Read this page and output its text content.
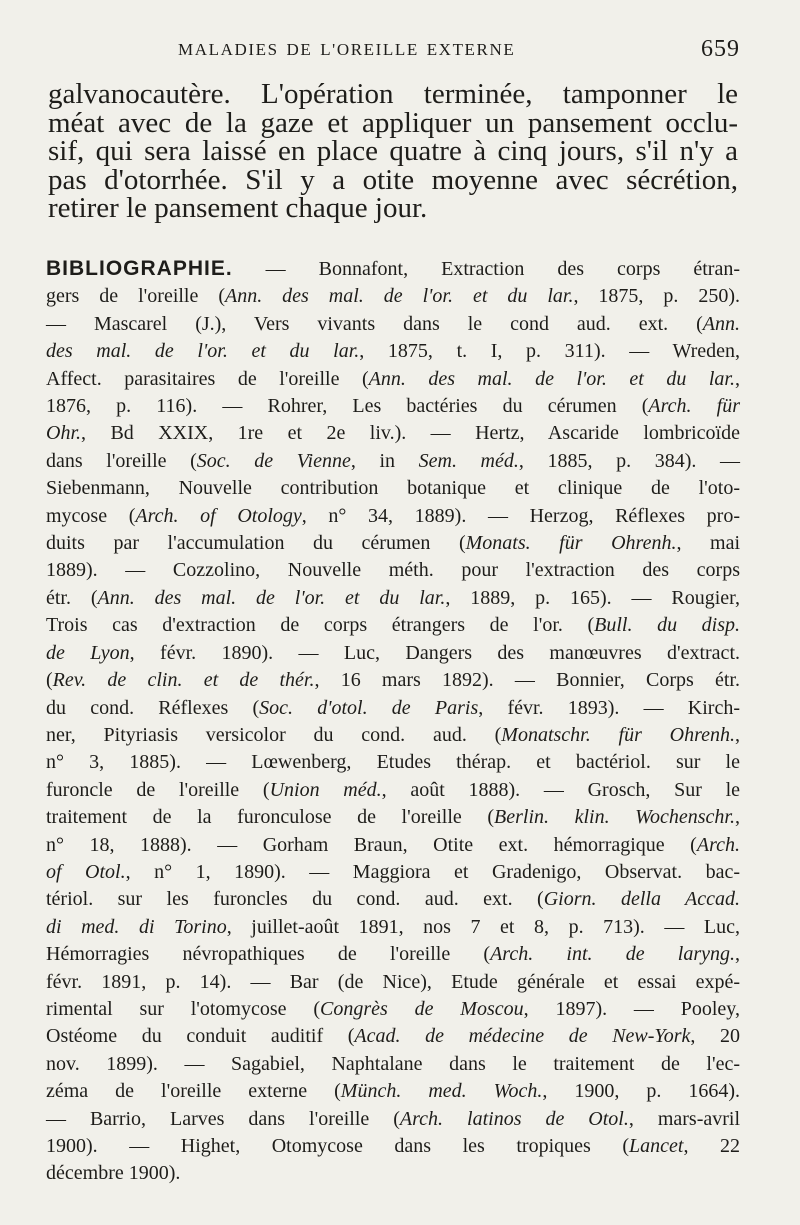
MALADIES DE L'OREILLE EXTERNE	659
galvanocautère. L'opération terminée, tamponner le
méat avec de la gaze et appliquer un pansement occlu-
sif, qui sera laissé en place quatre à cinq jours, s'il n'y a
pas d'otorrhée. S'il y a otite moyenne avec sécrétion,
retirer le pansement chaque jour.
BIBLIOGRAPHIE. — Bonnafont, Extraction des corps étran-
gers de l'oreille (Ann. des mal. de l'or. et du lar., 1875, p. 250).
— Mascarel (J.), Vers vivants dans le cond aud. ext. (Ann.
des mal. de l'or. et du lar., 1875, t. I, p. 311). — Wreden,
Affect. parasitaires de l'oreille (Ann. des mal. de l'or. et du lar.,
1876, p. 116). — Rohrer, Les bactéries du cérumen (Arch. für
Ohr., Bd XXIX, 1re et 2e liv.). — Hertz, Ascaride lombricoïde
dans l'oreille (Soc. de Vienne, in Sem. méd., 1885, p. 384). —
Siebenmann, Nouvelle contribution botanique et clinique de l'oto-
mycose (Arch. of Otology, n° 34, 1889). — Herzog, Réflexes pro-
duits par l'accumulation du cérumen (Monats. für Ohrenh., mai
1889). — Cozzolino, Nouvelle méth. pour l'extraction des corps
étr. (Ann. des mal. de l'or. et du lar., 1889, p. 165). — Rougier,
Trois cas d'extraction de corps étrangers de l'or. (Bull. du disp.
de Lyon, févr. 1890). — Luc, Dangers des manœuvres d'extract.
(Rev. de clin. et de thér., 16 mars 1892). — Bonnier, Corps étr.
du cond. Réflexes (Soc. d'otol. de Paris, févr. 1893). — Kirch-
ner, Pityriasis versicolor du cond. aud. (Monatschr. für Ohrenh.,
n° 3, 1885). — Lœwenberg, Etudes thérap. et bactériol. sur le
furoncle de l'oreille (Union méd., août 1888). — Grosch, Sur le
traitement de la furonculose de l'oreille (Berlin. klin. Wochenschr.,
n° 18, 1888). — Gorham Braun, Otite ext. hémorragique (Arch.
of Otol., n° 1, 1890). — Maggiora et Gradenigo, Observat. bac-
tériol. sur les furoncles du cond. aud. ext. (Giorn. della Accad.
di med. di Torino, juillet-août 1891, nos 7 et 8, p. 713). — Luc,
Hémorragies névropathiques de l'oreille (Arch. int. de laryng.,
févr. 1891, p. 14). — Bar (de Nice), Etude générale et essai expé-
rimental sur l'otomycose (Congrès de Moscou, 1897). — Pooley,
Ostéome du conduit auditif (Acad. de médecine de New-York, 20
nov. 1899). — Sagabiel, Naphtalane dans le traitement de l'ec-
zéma de l'oreille externe (Münch. med. Woch., 1900, p. 1664).
— Barrio, Larves dans l'oreille (Arch. latinos de Otol., mars-avril
1900). — Highet, Otomycose dans les tropiques (Lancet, 22
décembre 1900).
